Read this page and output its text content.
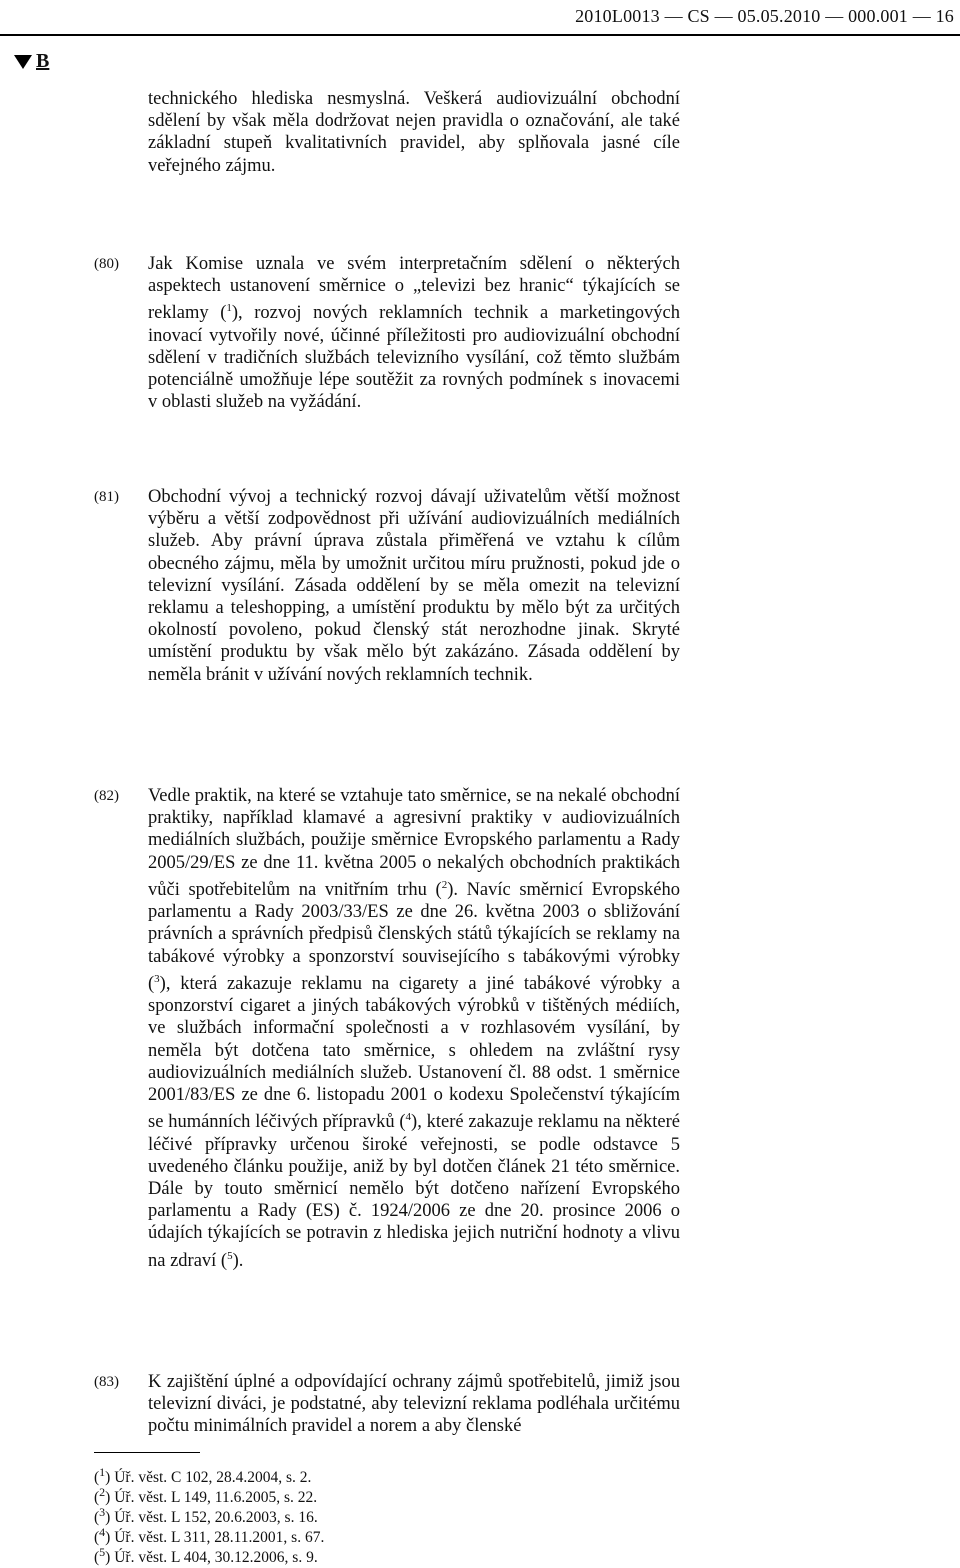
2010L0013 — CS — 05.05.2010 — 000.001 — 16
B
technického hlediska nesmyslná. Veškerá audiovizuální obchodní sdělení by však měla dodržovat nejen pravidla o označování, ale také základní stupeň kvalitativních pravidel, aby splňovala jasné cíle veřejného zájmu.
(80) Jak Komise uznala ve svém interpretačním sdělení o některých aspektech ustanovení směrnice o „televizi bez hranic“ týkajících se reklamy ($^1$), rozvoj nových reklamních technik a marketingových inovací vytvořily nové, účinné příležitosti pro audiovizuální obchodní sdělení v tradičních službách televizního vysílání, což těmto službám potenciálně umožňuje lépe soutěžit za rovných podmínek s inovacemi v oblasti služeb na vyžádání.
(81) Obchodní vývoj a technický rozvoj dávají uživatelům větší možnost výběru a větší zodpovědnost při užívání audiovizuálních mediálních služeb. Aby právní úprava zůstala přiměřená ve vztahu k cílům obecného zájmu, měla by umožnit určitou míru pružnosti, pokud jde o televizní vysílání. Zásada oddělení by se měla omezit na televizní reklamu a teleshopping, a umístění produktu by mělo být za určitých okolností povoleno, pokud členský stát nerozhodne jinak. Skryté umístění produktu by však mělo být zakázáno. Zásada oddělení by neměla bránit v užívání nových reklamních technik.
(82) Vedle praktik, na které se vztahuje tato směrnice, se na nekalé obchodní praktiky, například klamavé a agresivní praktiky v audiovizuálních mediálních službách, použije směrnice Evropského parlamentu a Rady 2005/29/ES ze dne 11. května 2005 o nekalých obchodních praktikách vůči spotřebitelům na vnitřním trhu ($^2$). Navíc směrnicí Evropského parlamentu a Rady 2003/33/ES ze dne 26. května 2003 o sbližování právních a správních předpisů členských států týkajících se reklamy na tabákové výrobky a sponzorství souvisejícího s tabákovými výrobky ($^3$), která zakazuje reklamu na cigarety a jiné tabákové výrobky a sponzorství cigaret a jiných tabákových výrobků v tištěných médiích, ve službách informační společnosti a v rozhlasovém vysílání, by neměla být dotčena tato směrnice, s ohledem na zvláštní rysy audiovizuálních mediálních služeb. Ustanovení čl. 88 odst. 1 směrnice 2001/83/ES ze dne 6. listopadu 2001 o kodexu Společenství týkajícím se humánních léčivých přípravků ($^4$), které zakazuje reklamu na některé léčivé přípravky určenou široké veřejnosti, se podle odstavce 5 uvedeného článku použije, aniž by byl dotčen článek 21 této směrnice. Dále by touto směrnicí nemělo být dotčeno nařízení Evropského parlamentu a Rady (ES) č. 1924/2006 ze dne 20. prosince 2006 o údajích týkajících se potravin z hlediska jejich nutriční hodnoty a vlivu na zdraví ($^5$).
(83) K zajištění úplné a odpovídající ochrany zájmů spotřebitelů, jimiž jsou televizní diváci, je podstatné, aby televizní reklama podléhala určitému počtu minimálních pravidel a norem a aby členské
($^1$) Úř. věst. C 102, 28.4.2004, s. 2.
($^2$) Úř. věst. L 149, 11.6.2005, s. 22.
($^3$) Úř. věst. L 152, 20.6.2003, s. 16.
($^4$) Úř. věst. L 311, 28.11.2001, s. 67.
($^5$) Úř. věst. L 404, 30.12.2006, s. 9.
